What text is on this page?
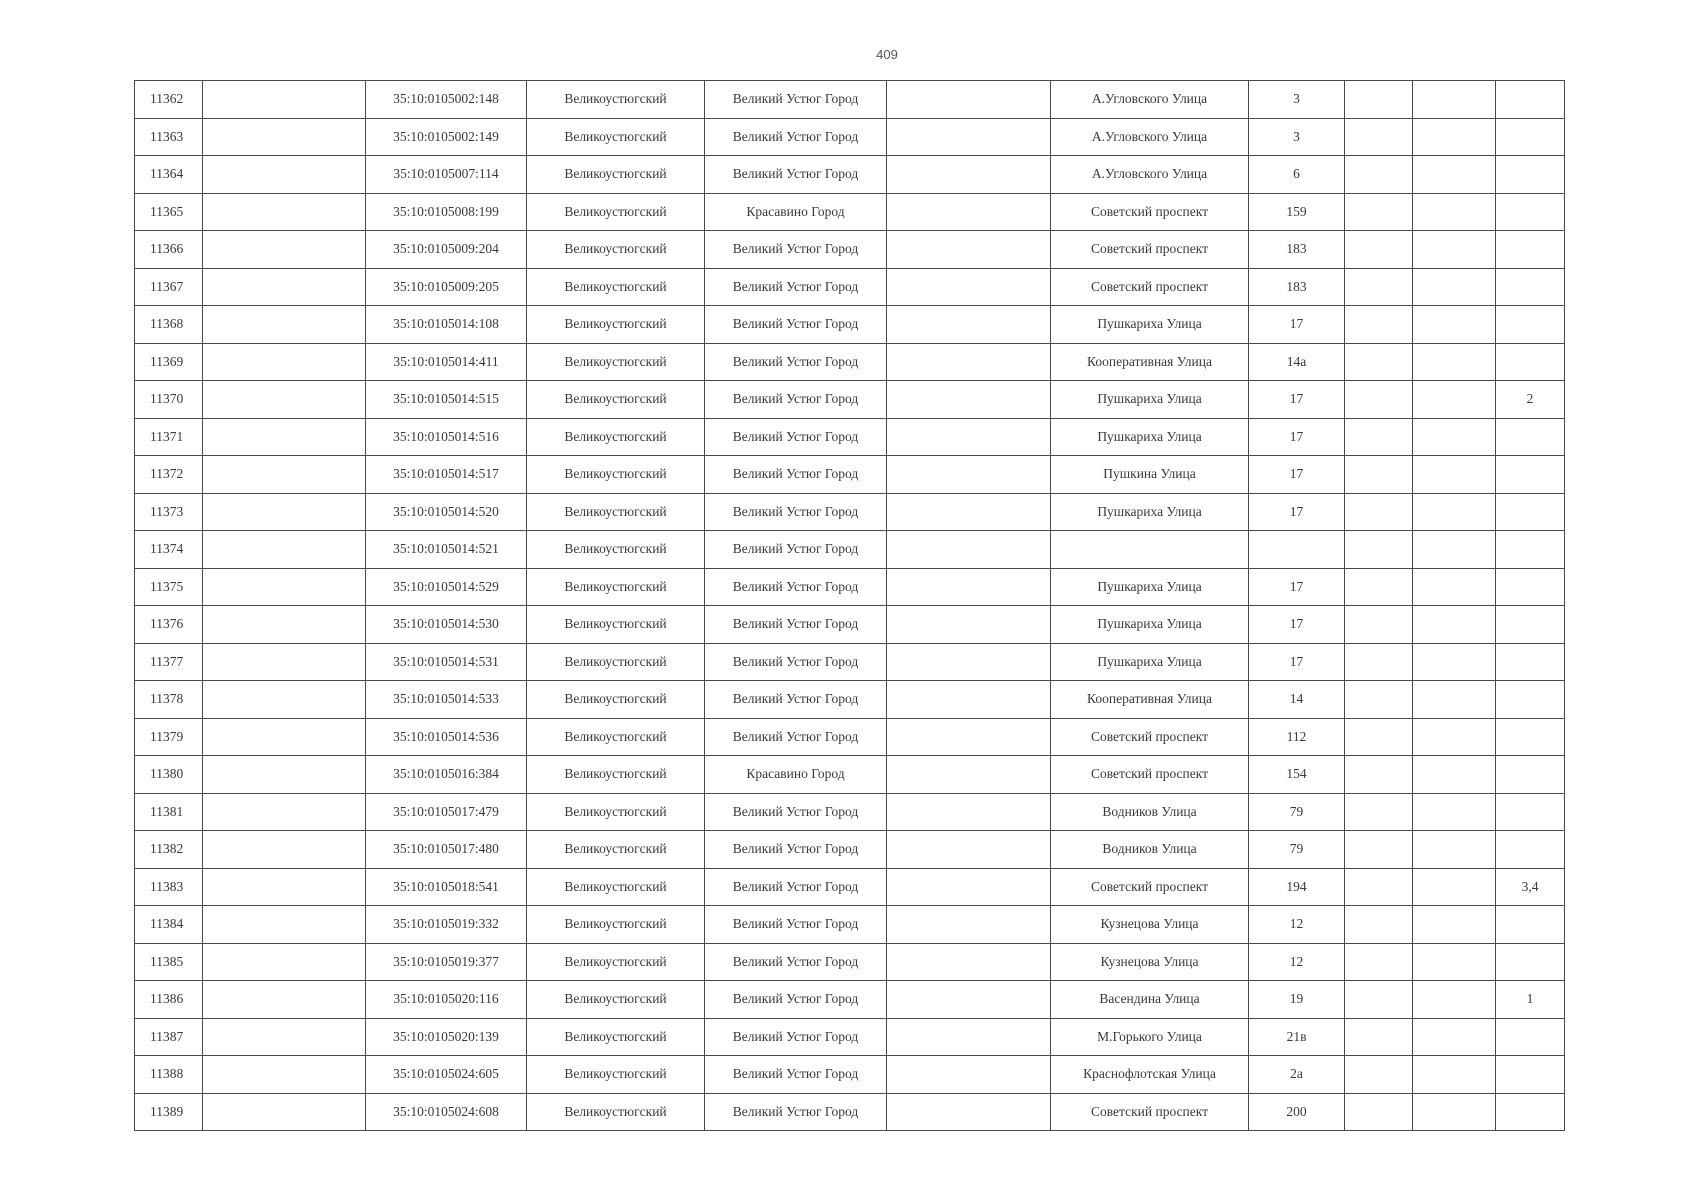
409
11362		35:10:0105002:148	Великоустюгский	Великий Устюг Город		А.Угловского Улица	3			
11363		35:10:0105002:149	Великоустюгский	Великий Устюг Город		А.Угловского Улица	3			
11364		35:10:0105007:114	Великоустюгский	Великий Устюг Город		А.Угловского Улица	6			
11365		35:10:0105008:199	Великоустюгский	Красавино Город		Советский проспект	159			
11366		35:10:0105009:204	Великоустюгский	Великий Устюг Город		Советский проспект	183			
11367		35:10:0105009:205	Великоустюгский	Великий Устюг Город		Советский проспект	183			
11368		35:10:0105014:108	Великоустюгский	Великий Устюг Город		Пушкариха Улица	17			
11369		35:10:0105014:411	Великоустюгский	Великий Устюг Город		Кооперативная Улица	14а			
11370		35:10:0105014:515	Великоустюгский	Великий Устюг Город		Пушкариха Улица	17			2
11371		35:10:0105014:516	Великоустюгский	Великий Устюг Город		Пушкариха Улица	17			
11372		35:10:0105014:517	Великоустюгский	Великий Устюг Город		Пушкина Улица	17			
11373		35:10:0105014:520	Великоустюгский	Великий Устюг Город		Пушкариха Улица	17			
11374		35:10:0105014:521	Великоустюгский	Великий Устюг Город						
11375		35:10:0105014:529	Великоустюгский	Великий Устюг Город		Пушкариха Улица	17			
11376		35:10:0105014:530	Великоустюгский	Великий Устюг Город		Пушкариха Улица	17			
11377		35:10:0105014:531	Великоустюгский	Великий Устюг Город		Пушкариха Улица	17			
11378		35:10:0105014:533	Великоустюгский	Великий Устюг Город		Кооперативная Улица	14			
11379		35:10:0105014:536	Великоустюгский	Великий Устюг Город		Советский проспект	112			
11380		35:10:0105016:384	Великоустюгский	Красавино Город		Советский проспект	154			
11381		35:10:0105017:479	Великоустюгский	Великий Устюг Город		Водников Улица	79			
11382		35:10:0105017:480	Великоустюгский	Великий Устюг Город		Водников Улица	79			
11383		35:10:0105018:541	Великоустюгский	Великий Устюг Город		Советский проспект	194			3,4
11384		35:10:0105019:332	Великоустюгский	Великий Устюг Город		Кузнецова Улица	12			
11385		35:10:0105019:377	Великоустюгский	Великий Устюг Город		Кузнецова Улица	12			
11386		35:10:0105020:116	Великоустюгский	Великий Устюг Город		Васендина Улица	19			1
11387		35:10:0105020:139	Великоустюгский	Великий Устюг Город		М.Горького Улица	21в			
11388		35:10:0105024:605	Великоустюгский	Великий Устюг Город		Краснофлотская Улица	2а			
11389		35:10:0105024:608	Великоустюгский	Великий Устюг Город		Советский проспект	200			
